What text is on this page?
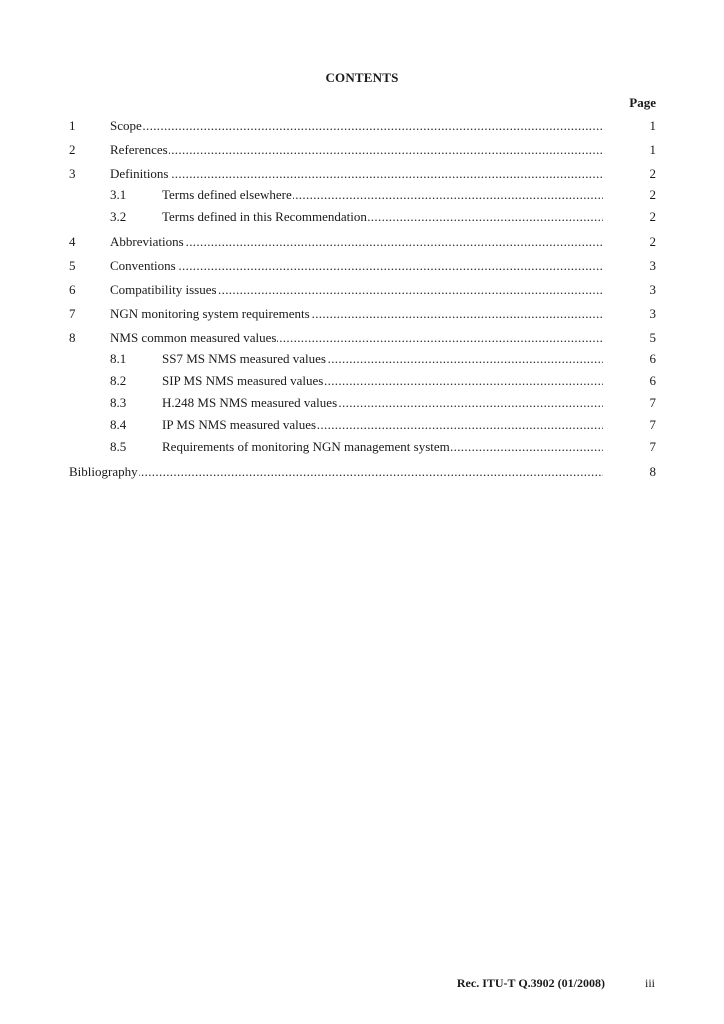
CONTENTS
Page
1	Scope .....	1
2	References .....	1
3	Definitions .....	2
3.1	Terms defined elsewhere .....	2
3.2	Terms defined in this Recommendation .....	2
4	Abbreviations .....	2
5	Conventions .....	3
6	Compatibility issues .....	3
7	NGN monitoring system requirements .....	3
8	NMS common measured values .....	5
8.1	SS7 MS NMS measured values .....	6
8.2	SIP MS NMS measured values .....	6
8.3	H.248 MS NMS measured values .....	7
8.4	IP MS NMS measured values .....	7
8.5	Requirements of monitoring NGN management system .....	7
Bibliography .....	8
Rec. ITU-T Q.3902 (01/2008)	iii
